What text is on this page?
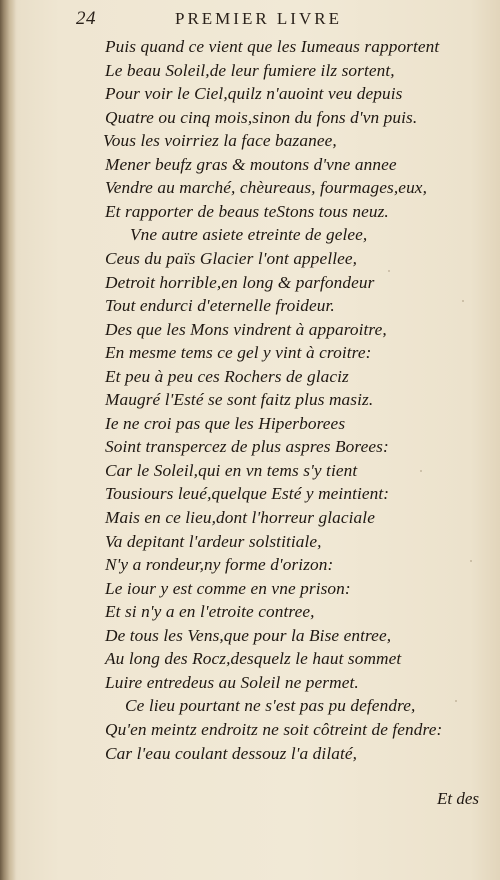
24	PREMIER LIVRE
Puis quand ce vient que les Iumeaus rapportent
Le beau Soleil,de leur fumiere ilz sortent,
Pour voir le Ciel,quilz n'auoint veu depuis
Quatre ou cinq mois,sinon du fons d'vn puis.
Vous les voirriez la face bazanee,
Mener beufz gras & moutons d'vne annee
Vendre au marché, chèureaus, fourmages,eux,
Et rapporter de beaus teStons tous neuz.
Vne autre asiete etreinte de gelee,
Ceus du païs Glacier l'ont appellee,
Detroit horrible,en long & parfondeur
Tout endurci d'eternelle froideur.
Des que les Mons vindrent à apparoitre,
En mesme tems ce gel y vint à croitre:
Et peu à peu ces Rochers de glaciz
Maugré l'Esté se sont faitz plus masiz.
Ie ne croi pas que les Hiperborees
Soint transpercez de plus aspres Borees:
Car le Soleil,qui en vn tems s'y tient
Tousiours leué,quelque Esté y meintient:
Mais en ce lieu,dont l'horreur glaciale
Va depitant l'ardeur solstitiale,
N'y a rondeur,ny forme d'orizon:
Le iour y est comme en vne prison:
Et si n'y a en l'etroite contree,
De tous les Vens,que pour la Bise entree,
Au long des Rocz,desquelz le haut sommet
Luire entredeus au Soleil ne permet.
Ce lieu pourtant ne s'est pas pu defendre,
Qu'en meintz endroitz ne soit côtreint de fendre:
Car l'eau coulant dessouz l'a dilaté,
Et des
